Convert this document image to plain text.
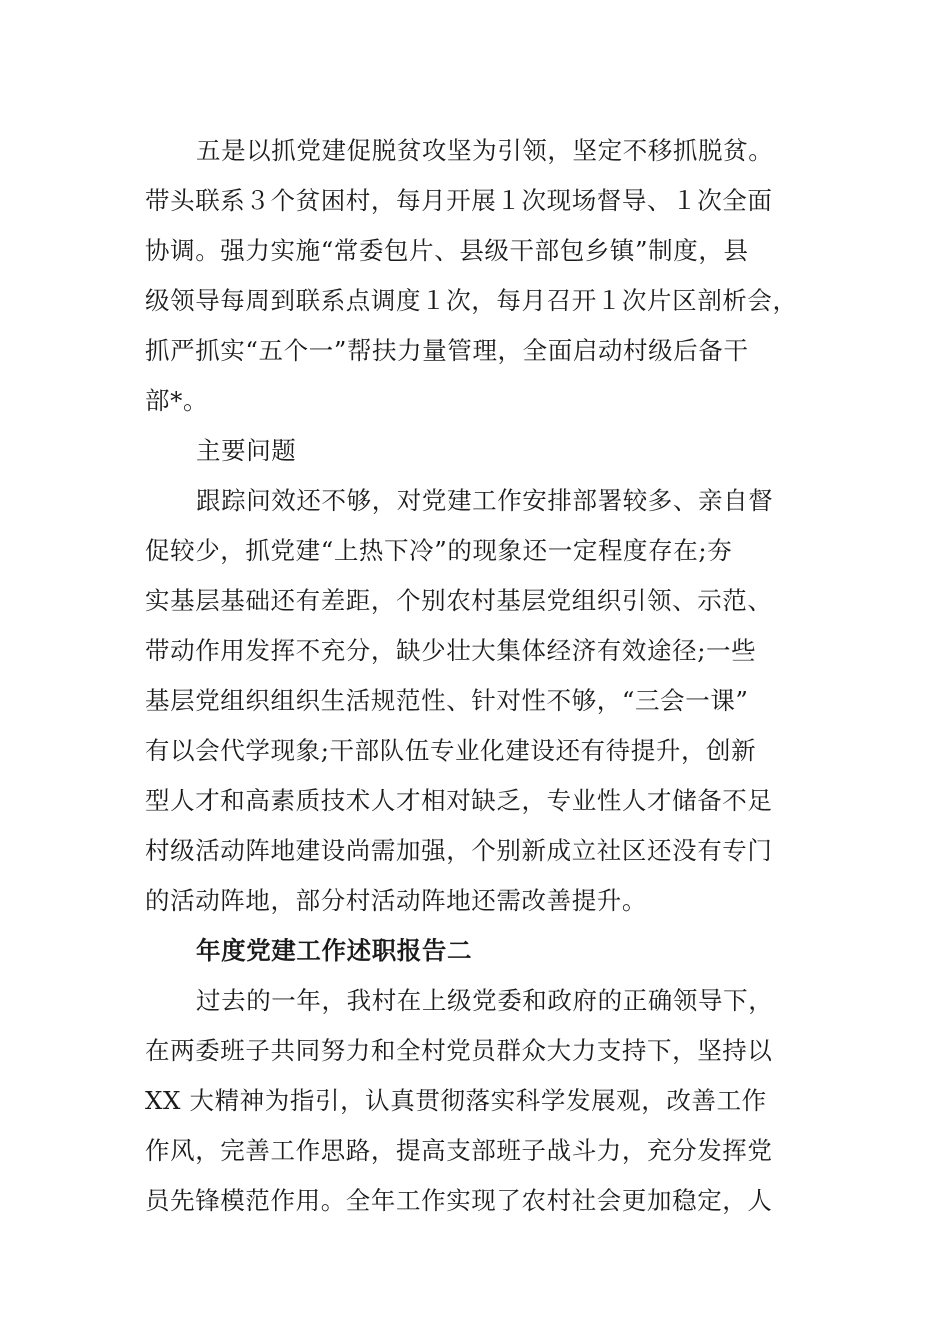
五是以抓党建促脱贫攻坚为引领，坚定不移抓脱贫。
带头联系３个贫困村，每月开展１次现场督导、１次全面
协调。强力实施“常委包片、县级干部包乡镇”制度，县
级领导每周到联系点调度１次，每月召开１次片区剖析会，
抓严抓实“五个一”帮扶力量管理，全面启动村级后备干
部*。
主要问题
跟踪问效还不够，对党建工作安排部署较多、亲自督
促较少，抓党建“上热下冷”的现象还一定程度存在;夯
实基层基础还有差距，个别农村基层党组织引领、示范、
带动作用发挥不充分，缺少壮大集体经济有效途径;一些
基层党组织组织生活规范性、针对性不够，“三会一课”
有以会代学现象;干部队伍专业化建设还有待提升，创新
型人才和高素质技术人才相对缺乏，专业性人才储备不足
村级活动阵地建设尚需加强，个别新成立社区还没有专门
的活动阵地，部分村活动阵地还需改善提升。
年度党建工作述职报告二
过去的一年，我村在上级党委和政府的正确领导下，
在两委班子共同努力和全村党员群众大力支持下，坚持以
XX 大精神为指引，认真贯彻落实科学发展观，改善工作
作风，完善工作思路，提高支部班子战斗力，充分发挥党
员先锋模范作用。全年工作实现了农村社会更加稳定，人
